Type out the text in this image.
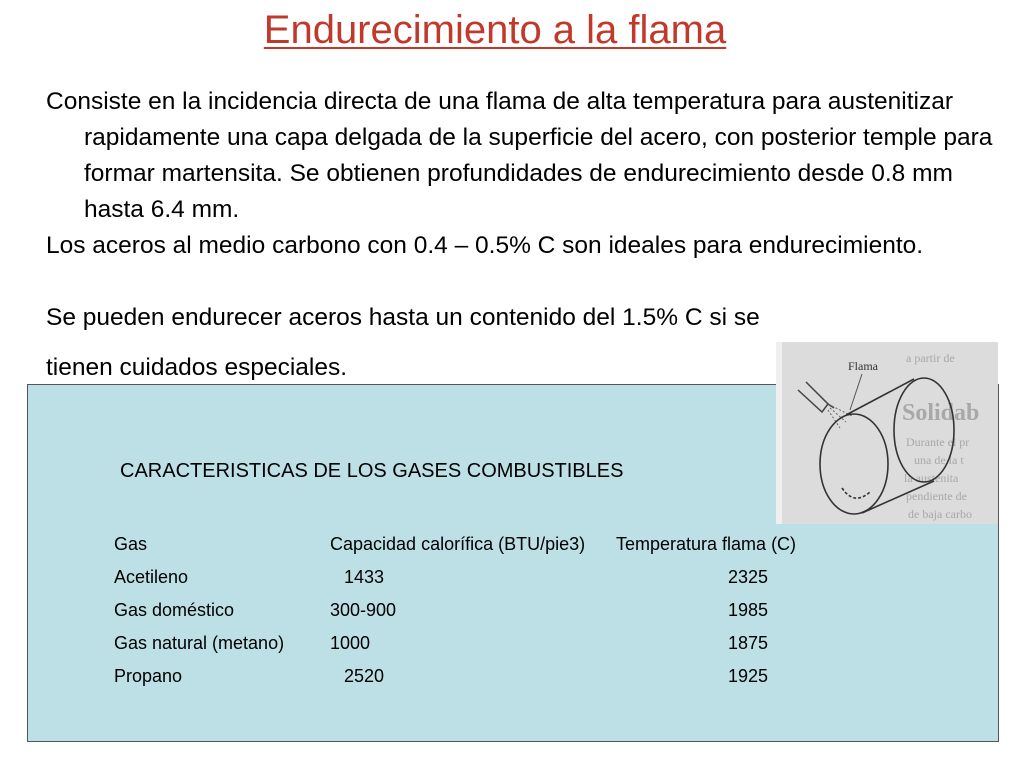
Endurecimiento a la flama

Consiste en la incidencia directa de una flama de alta temperatura para austenitizar rapidamente una capa delgada de la superficie del acero, con posterior temple para formar martensita. Se obtienen profundidades de endurecimiento desde 0.8 mm hasta 6.4 mm.

Los aceros al medio carbono con 0.4 – 0.5% C son ideales para endurecimiento.

Se pueden endurecer aceros hasta un contenido del 1.5% C si se
tienen cuidados especiales.

CARACTERISTICAS DE LOS GASES COMBUSTIBLES
Gas	Capacidad calorífica (BTU/pie3)	Temperatura flama (C)
Acetileno	1433	2325
Gas doméstico	300-900	1985
Gas natural (metano)	1000	1875
Propano	2520	1925
a partir de
Solidab
Durante el pr
una de la t
la austenita
pendiente de
de baja carbo
Flama
